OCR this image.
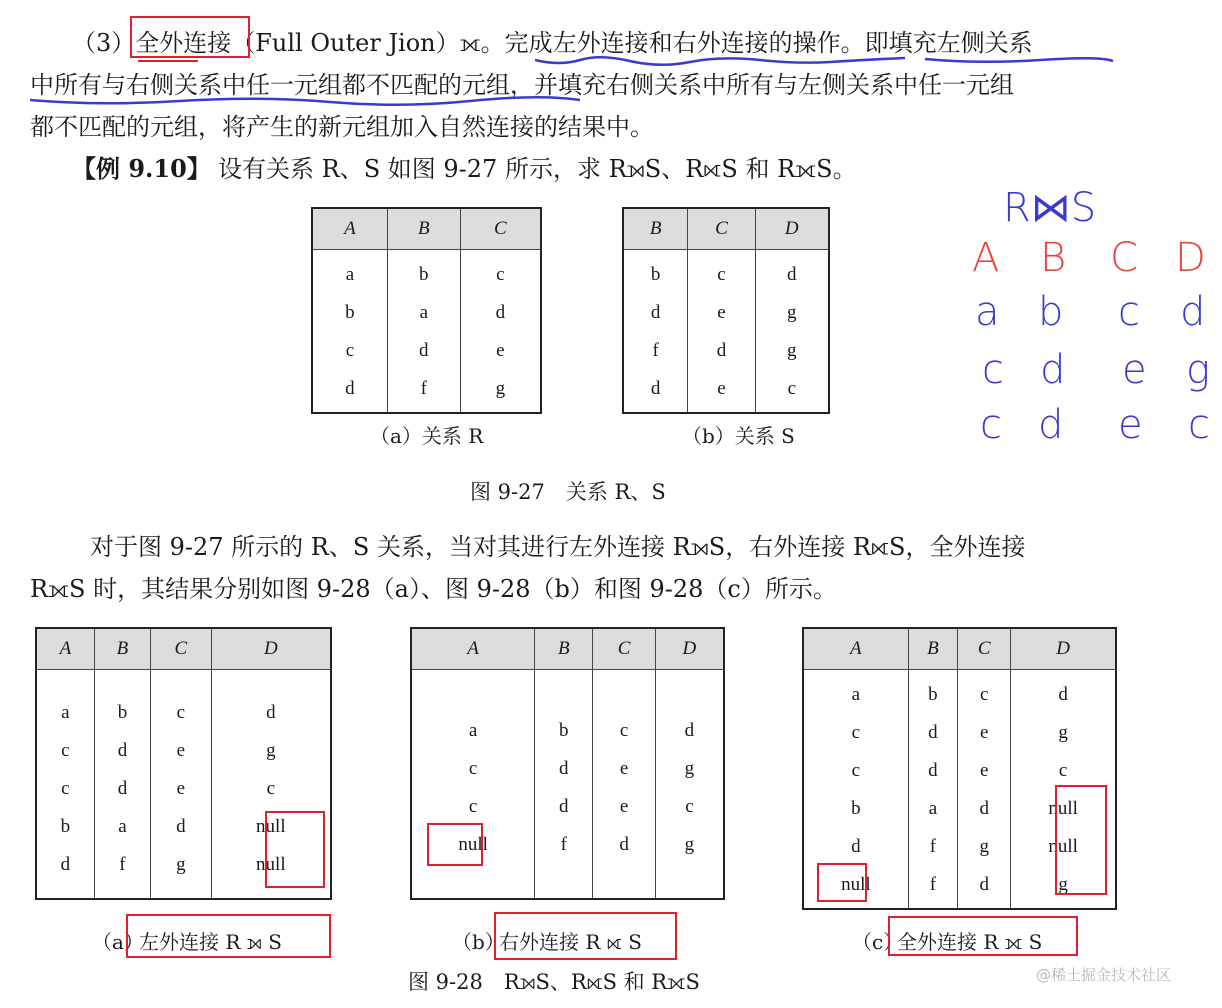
（3）全外连接（Full Outer Jion）⟗。完成左外连接和右外连接的操作。即填充左侧关系
中所有与右侧关系中任一元组都不匹配的元组，并填充右侧关系中所有与左侧关系中任一元组
都不匹配的元组，将产生的新元组加入自然连接的结果中。
【例 9.10】 设有关系 R、S 如图 9-27 所示，求 R⟕S、R⟖S 和 R⟗S。
A	B	C
a	b	c
b	a	d
c	d	e
d	f	g
（a）关系 R
B	C	D
b	c	d
d	e	g
f	d	g
d	e	c
（b）关系 S
图 9-27　关系 R、S
R⋈S
A B C D
a b c d
c d e g
c d e c
对于图 9-27 所示的 R、S 关系，当对其进行左外连接 R⟕S，右外连接 R⟖S，全外连接
R⟗S 时，其结果分别如图 9-28（a）、图 9-28（b）和图 9-28（c）所示。
A	B	C	D
a	b	c	d
c	d	e	g
c	d	e	c
b	a	d	null
d	f	g	null
（a）
左外连接 R ⟕ S
A	B	C	D
a	b	c	d
c	d	e	g
c	d	e	c
null	f	d	g
（b）
右外连接 R ⟖ S
A	B	C	D
a	b	c	d
c	d	e	g
c	d	e	c
b	a	d	null
d	f	g	null
null	f	d	g
（c）
全外连接 R ⟗ S
图 9-28　R⟕S、R⟖S 和 R⟗S	@稀土掘金技术社区
